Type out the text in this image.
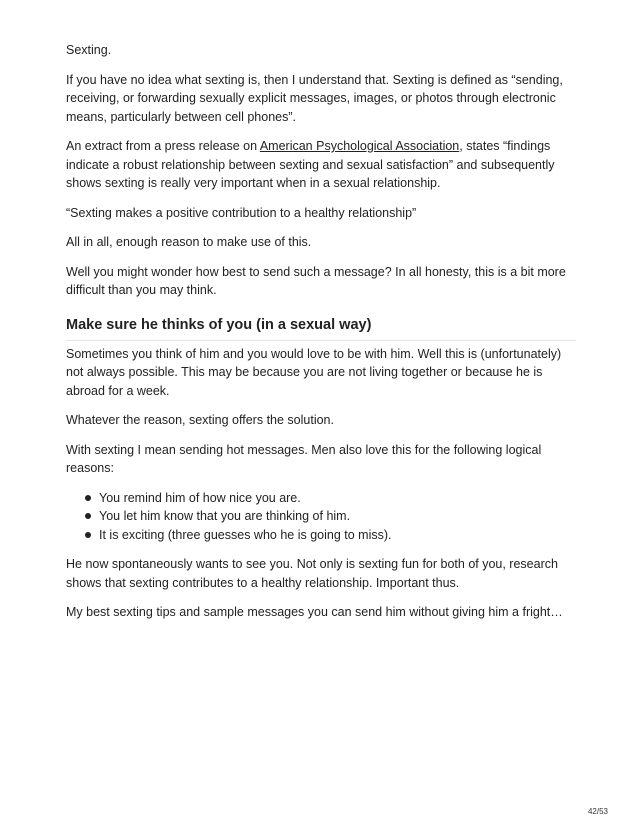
Sexting.

If you have no idea what sexting is, then I understand that. Sexting is defined as “sending, receiving, or forwarding sexually explicit messages, images, or photos through electronic means, particularly between cell phones”.

An extract from a press release on American Psychological Association, states “findings indicate a robust relationship between sexting and sexual satisfaction” and subsequently shows sexting is really very important when in a sexual relationship.

“Sexting makes a positive contribution to a healthy relationship”

All in all, enough reason to make use of this.

Well you might wonder how best to send such a message? In all honesty, this is a bit more difficult than you may think.

Make sure he thinks of you (in a sexual way)

Sometimes you think of him and you would love to be with him. Well this is (unfortunately) not always possible. This may be because you are not living together or because he is abroad for a week.

Whatever the reason, sexting offers the solution.

With sexting I mean sending hot messages. Men also love this for the following logical reasons:

You remind him of how nice you are.
You let him know that you are thinking of him.
It is exciting (three guesses who he is going to miss).

He now spontaneously wants to see you. Not only is sexting fun for both of you, research shows that sexting contributes to a healthy relationship. Important thus.

My best sexting tips and sample messages you can send him without giving him a fright…

42/53
